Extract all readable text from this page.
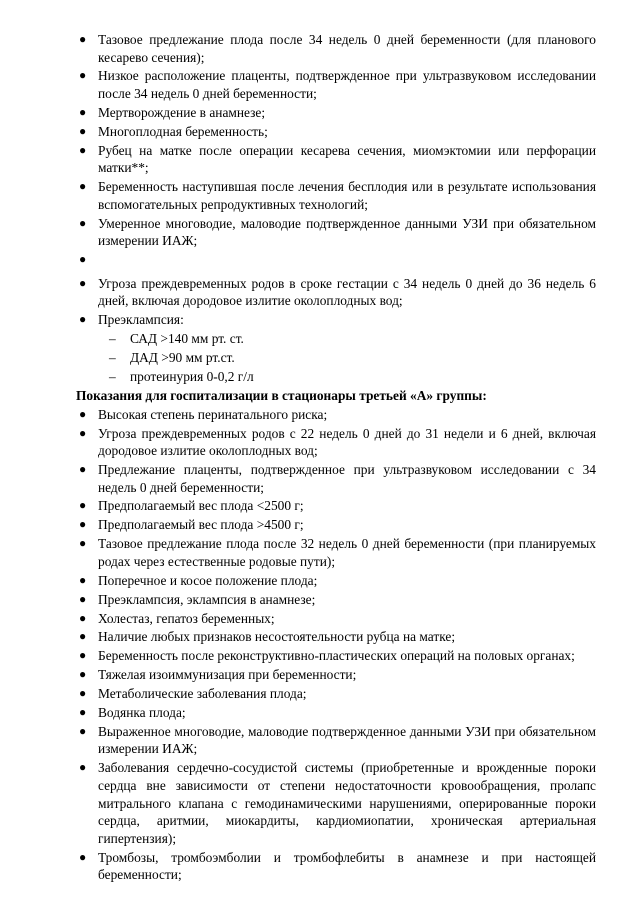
● Тазовое предлежание плода после 34 недель 0 дней беременности (для планового кесарево сечения);
● Низкое расположение плаценты, подтвержденное при ультразвуковом исследовании после 34 недель 0 дней беременности;
● Мертворождение в анамнезе;
● Многоплодная беременность;
● Рубец на матке после операции кесарева сечения, миомэктомии или перфорации матки**;
● Беременность наступившая после лечения бесплодия или в результате использования вспомогательных репродуктивных технологий;
● Умеренное многоводие, маловодие подтвержденное данными УЗИ при обязательном измерении ИАЖ;
●
● Угроза преждевременных родов в сроке гестации с 34 недель 0 дней до 36 недель 6 дней, включая дородовое излитие околоплодных вод;
● Преэклампсия:
– САД >140 мм рт. ст.
– ДАД >90 мм рт.ст.
– протеинурия 0-0,2 г/л
Показания для госпитализации в стационары третьей «А» группы:
● Высокая степень перинатального риска;
● Угроза преждевременных родов с 22 недель 0 дней до 31 недели и 6 дней, включая дородовое излитие околоплодных вод;
● Предлежание плаценты, подтвержденное при ультразвуковом исследовании с 34 недель 0 дней беременности;
● Предполагаемый вес плода <2500 г;
● Предполагаемый вес плода >4500 г;
● Тазовое предлежание плода после 32 недель 0 дней беременности (при планируемых родах через естественные родовые пути);
● Поперечное и косое положение плода;
● Преэклампсия, эклампсия в анамнезе;
● Холестаз, гепатоз беременных;
● Наличие любых признаков несостоятельности рубца на матке;
● Беременность после реконструктивно-пластических операций на половых органах;
● Тяжелая изоиммунизация при беременности;
● Метаболические заболевания плода;
● Водянка плода;
● Выраженное многоводие, маловодие подтвержденное данными УЗИ при обязательном измерении ИАЖ;
● Заболевания сердечно-сосудистой системы (приобретенные и врожденные пороки сердца вне зависимости от степени недостаточности кровообращения, пролапс митрального клапана с гемодинамическими нарушениями, оперированные пороки сердца, аритмии, миокардиты, кардиомиопатии, хроническая артериальная гипертензия);
● Тромбозы, тромбоэмболии и тромбофлебиты в анамнезе и при настоящей беременности;
